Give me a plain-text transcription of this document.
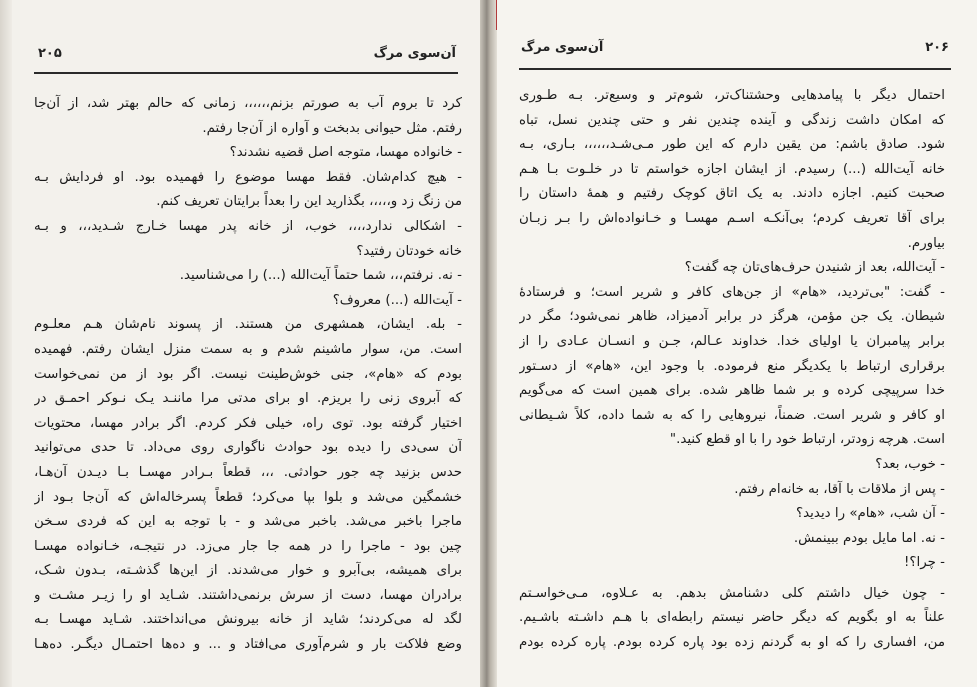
آن‌سوی مرگ
۲۰۵
کرد تا بروم آب به صورتم بزنم،،،،،، زمانی که حالم بهتر شد، از آن‌جا
رفتم. مثل حیوانی بدبخت و آواره از آن‌جا رفتم.
- خانواده مهسا، متوجه اصل قضیه نشدند؟
- هیچ کدام‌شان. فقط مهسا موضوع را فهمیده بود. او فردایش بـه
من زنگ زد و،،،،، بگذارید این را بعداً برایتان تعریف کنم.
- اشکالی ندارد،،،، خوب، از خانه پدر مهسا خـارج شـدید،،، و بـه
خانه خودتان رفتید؟
- نه. نرفتم،،، شما حتماً آیت‌الله (...) را می‌شناسید.
- آیت‌الله (...) معروف؟
- بله. ایشان، همشهری من هستند. از پسوند نام‌شان هـم معلـوم
است. من، سوار ماشینم شدم و به سمت منزل ایشان رفتم. فهمیده
بودم که «هام»، جنی خوش‌طینت نیست. اگر بود از من نمی‌خواست
که آبروی زنی را بریزم. او برای مدتی مرا ماننـد یـک نـوکر احمـق در
اختیار گرفته بود. توی راه، خیلی فکر کردم. اگر برادر مهسا، محتویات
آن سی‌دی را دیده بود حوادث ناگواری روی می‌داد. تا حدی می‌توانید
حدس بزنید چه جور حوادثی. ،،، قطعاً بـرادر مهسـا بـا دیـدن آن‌هـا،
خشمگین می‌شد و بلوا بپا می‌کرد؛ قطعاً پسرخاله‌اش که آن‌جا بـود از
ماجرا باخبر می‌شد. باخبر می‌شد و - با توجه به این که فردی سـخن
چین بود - ماجرا را در همه جا جار می‌زد. در نتیجـه، خـانواده مهسـا
برای همیشه، بی‌آبرو و خوار می‌شدند. از این‌ها گذشـته، بـدون شـک،
برادران مهسا، دست از سرش برنمی‌داشتند. شـاید او را زیـر مشـت و
لگد له می‌کردند؛ شاید از خانه بیرونش می‌انداختند. شـاید مهسـا بـه
وضع فلاکت بار و شرم‌آوری می‌افتاد و ... و ده‌ها احتمـال دیگـر. ده‌هـا
آن‌سوی مرگ	۲۰۶
احتمال دیگر با پیامدهایی وحشتناک‌تر، شوم‌تر و وسیع‌تر. بـه طـوری
که امکان داشت زندگی و آینده چندین نفر و حتی چندین نسل، تباه
شود. صادق باشم: من یقین دارم که این طور مـی‌شـد،،،،،، بـاری، بـه
خانه آیت‌الله (...) رسیدم. از ایشان اجازه خواستم تا در خلـوت بـا هـم
صحبت کنیم. اجازه دادند. به یک اتاق کوچک رفتیم و همهٔ داستان را
برای آقا تعریف کردم؛ بی‌آنکـه اسـم مهسـا و خـانواده‌اش را بـر زبـان
بیاورم.
- آیت‌الله، بعد از شنیدن حرف‌های‌تان چه گفت؟
- گفت: "بی‌تردید، «هام» از جن‌های کافر و شریر است؛ و فرستادهٔ
شیطان. یک جن مؤمن، هرگز در برابر آدمیزاد، ظاهر نمی‌شود؛ مگر در
برابر پیامبران یا اولیای خدا. خداوند عـالم، جـن و انسـان عـادی را از
برقراری ارتباط با یکدیگر منع فرموده. با وجود این، «هام» از دسـتور
خدا سرپیچی کرده و بر شما ظاهر شده. برای همین است که می‌گویم
او کافر و شریر است. ضمناً، نیروهایی را که به شما داده، کلاً شـیطانی
است. هرچه زودتر، ارتباط خود را با او قطع کنید."
- خوب، بعد؟
- پس از ملاقات با آقا، به خانه‌ام رفتم.
- آن شب، «هام» را دیدید؟
- نه. اما مایل بودم ببینمش.
- چرا؟!
- چون خیال داشتم کلی دشنامش بدهم. به عـلاوه، مـی‌خواسـتم
علناً به او بگویم که دیگر حاضر نیستم رابطه‌ای با هـم داشـته باشـیم.
من، افساری را که او به گردنم زده بود پاره کرده بودم. پاره کرده بودم
